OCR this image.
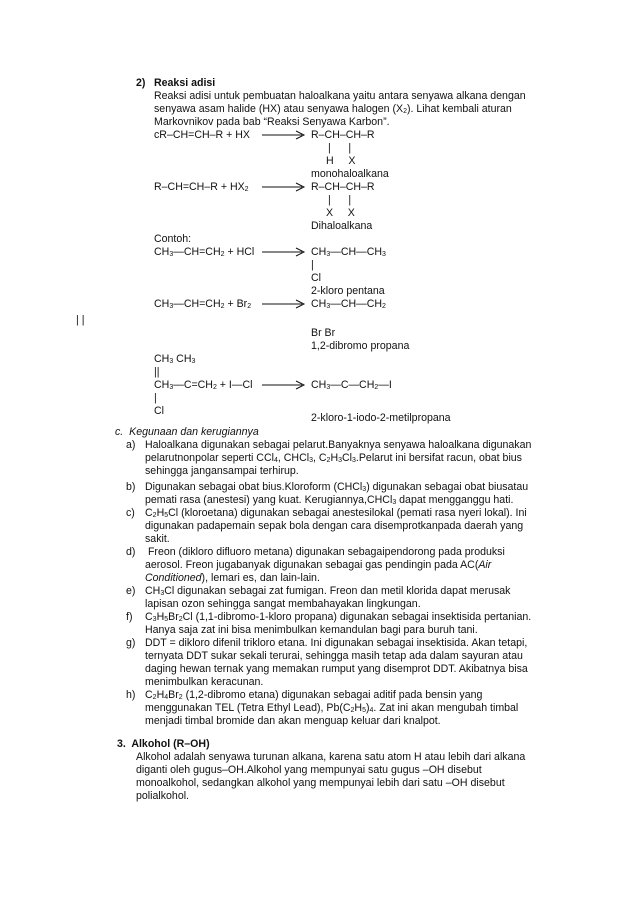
2) Reaksi adisi
Reaksi adisi untuk pembuatan haloalkana yaitu antara senyawa alkana dengan
senyawa asam halide (HX) atau senyawa halogen $(X_2)$. Lihat kembali aturan
Markovnikov pada bab “Reaksi Senyawa Karbon”.
cR–CH=CH–R + HX	R–CH–CH–R
|      |
H     X
monohaloalkana
$R-CH=CH-R + HX_2$	R–CH–CH–R
|      |
X     X
Dihaloalkana
Contoh:
$CH_3—CH=CH_2$ + HCl	$CH_3—CH—CH_3$
|
Cl
2-kloro pentana
$CH_3—CH=CH_2 + Br_2$	$CH_3—CH—CH_2$
| |
Br Br
1,2-dibromo propana
$CH_3$ $CH_3$
||
$CH_3—C=CH_2$ + I—Cl	$CH_3—C—CH_2—I$
|
Cl
2-kloro-1-iodo-2-metilpropana
c.  Kegunaan dan kerugiannya
a) Haloalkana digunakan sebagai pelarut.Banyaknya senyawa haloalkana digunakan
pelarutnonpolar seperti CCl$_4$, CHCl$_3$, $C_2H_3Cl_3.Pelarut$ ini bersifat racun, obat bius
sehingga jangansampai terhirup.
b) Digunakan sebagai obat bius.Kloroform (CHCl$_3$) digunakan sebagai obat biusatau
pemati rasa (anestesi) yang kuat. Kerugiannya,CHCl$_3$ dapat mengganggu hati.
c) $C_2H_5Cl$ (kloroetana) digunakan sebagai anestesilokal (pemati rasa nyeri lokal). Ini
digunakan padapemain sepak bola dengan cara disemprotkanpada daerah yang
sakit.
d) Freon (dikloro difluoro metana) digunakan sebagaipendorong pada produksi
aerosol. Freon jugabanyak digunakan sebagai gas pendingin pada AC(Air
Conditioned), lemari es, dan lain-lain.
e) $CH_3Cl$ digunakan sebagai zat fumigan. Freon dan metil klorida dapat merusak
lapisan ozon sehingga sangat membahayakan lingkungan.
f) $C_3H_5Br_2Cl$ (1,1-dibromo-1-kloro propana) digunakan sebagai insektisida pertanian.
Hanya saja zat ini bisa menimbulkan kemandulan bagi para buruh tani.
g) DDT = dikloro difenil trikloro etana. Ini digunakan sebagai insektisida. Akan tetapi,
ternyata DDT sukar sekali terurai, sehingga masih tetap ada dalam sayuran atau
daging hewan ternak yang memakan rumput yang disemprot DDT. Akibatnya bisa
menimbulkan keracunan.
h) $C_2H_4Br_2$ (1,2-dibromo etana) digunakan sebagai aditif pada bensin yang
menggunakan TEL (Tetra Ethyl Lead), $Pb(C_2H_5)_4$. Zat ini akan mengubah timbal
menjadi timbal bromide dan akan menguap keluar dari knalpot.
3.  Alkohol (R–OH)
Alkohol adalah senyawa turunan alkana, karena satu atom H atau lebih dari alkana
diganti oleh gugus–OH.Alkohol yang mempunyai satu gugus –OH disebut
monoalkohol, sedangkan alkohol yang mempunyai lebih dari satu –OH disebut
polialkohol.
